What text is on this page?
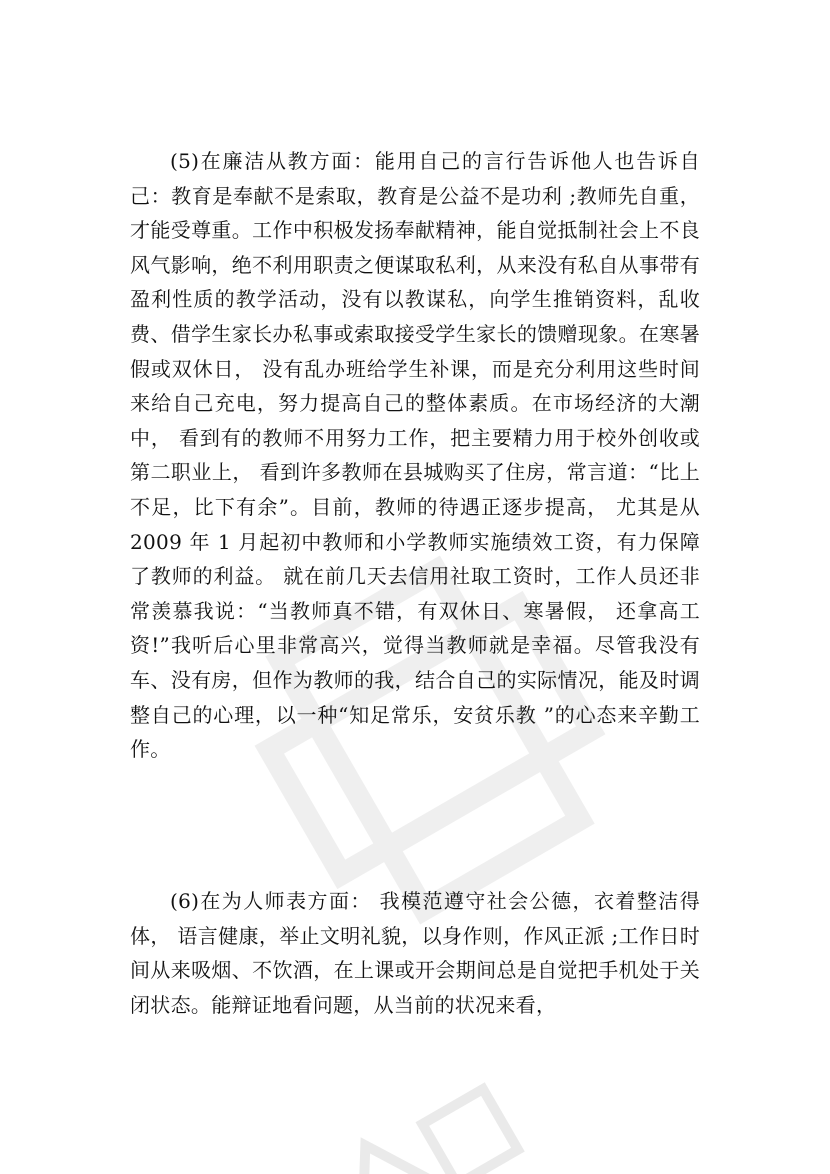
(5)在廉洁从教方面：能用自己的言行告诉他人也告诉自己：教育是奉献不是索取，教育是公益不是功利 ;教师先自重，才能受尊重。工作中积极发扬奉献精神，能自觉抵制社会上不良风气影响，绝不利用职责之便谋取私利，从来没有私自从事带有盈利性质的教学活动，没有以教谋私，向学生推销资料，乱收费、借学生家长办私事或索取接受学生家长的馈赠现象。在寒暑假或双休日， 没有乱办班给学生补课，而是充分利用这些时间来给自己充电，努力提高自己的整体素质。在市场经济的大潮中， 看到有的教师不用努力工作，把主要精力用于校外创收或第二职业上， 看到许多教师在县城购买了住房，常言道：“比上不足，比下有余”。目前，教师的待遇正逐步提高， 尤其是从 2009 年 1 月起初中教师和小学教师实施绩效工资，有力保障了教师的利益。 就在前几天去信用社取工资时，工作人员还非常羡慕我说：“当教师真不错，有双休日、寒暑假， 还拿高工资!”我听后心里非常高兴，觉得当教师就是幸福。尽管我没有车、没有房，但作为教师的我，结合自己的实际情况，能及时调整自己的心理，以一种“知足常乐，安贫乐教 ”的心态来辛勤工作。

(6)在为人师表方面： 我模范遵守社会公德，衣着整洁得体， 语言健康，举止文明礼貌，以身作则，作风正派 ;工作日时间从来吸烟、不饮酒，在上课或开会期间总是自觉把手机处于关闭状态。能辩证地看问题，从当前的状况来看，
